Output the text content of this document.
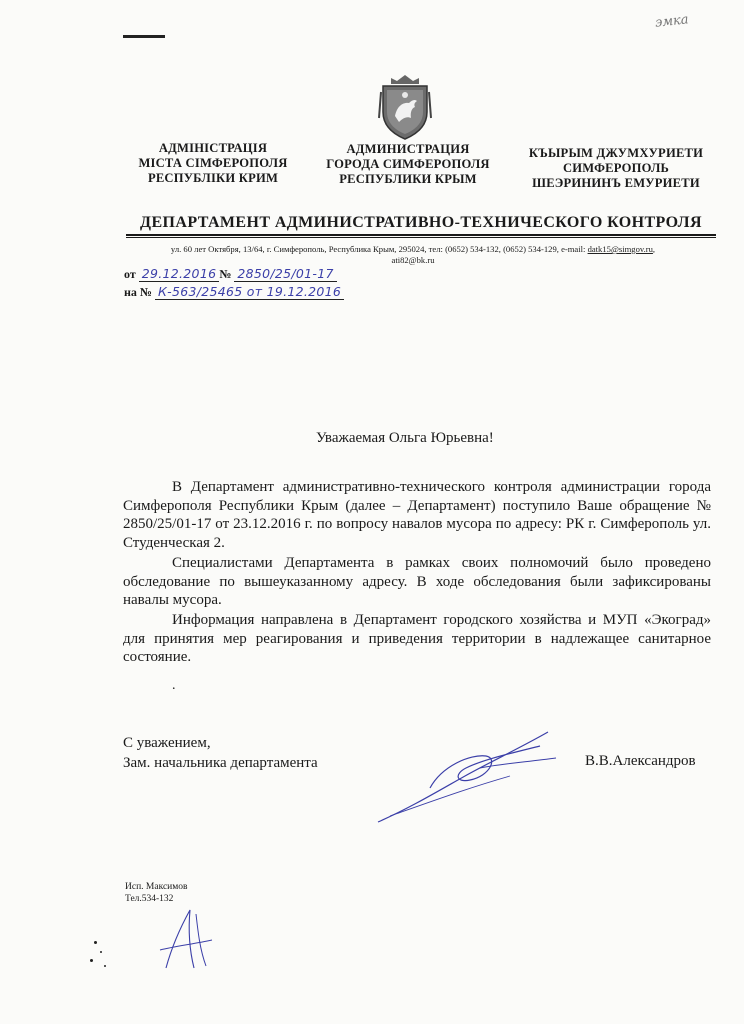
эмка
АДМІНІСТРАЦІЯ
МІСТА СІМФЕРОПОЛЯ
РЕСПУБЛІКИ КРИМ
АДМИНИСТРАЦИЯ
ГОРОДА СИМФЕРОПОЛЯ
РЕСПУБЛИКИ КРЫМ
КЪЫРЫМ ДЖУМХУРИЕТИ
СИМФЕРОПОЛЬ
ШЕЭРИНИНЪ ЕМУРИЕТИ
ДЕПАРТАМЕНТ АДМИНИСТРАТИВНО-ТЕХНИЧЕСКОГО КОНТРОЛЯ
ул. 60 лет Октября, 13/64, г. Симферополь, Республика Крым, 295024, тел: (0652) 534-132, (0652) 534-129, e-mail: datk15@simgov.ru,
ati82@bk.ru
от 29.12.2016 № 2850/25/01-17
на № К-563/25465 от 19.12.2016
Уважаемая Ольга Юрьевна!

В Департамент административно-технического контроля администрации города Симферополя Республики Крым (далее – Департамент) поступило Ваше обращение № 2850/25/01-17 от 23.12.2016 г. по вопросу навалов мусора по адресу: РК г. Симферополь ул. Студенческая 2.

Специалистами Департамента в рамках своих полномочий было проведено обследование по вышеуказанному адресу. В ходе обследования были зафиксированы навалы мусора.

Информация направлена в Департамент городского хозяйства и МУП «Экоград» для принятия мер реагирования и приведения территории в надлежащее санитарное состояние.

.
С уважением,
Зам. начальника департамента	В.В.Александров
Исп. Максимов
Тел.534-132
